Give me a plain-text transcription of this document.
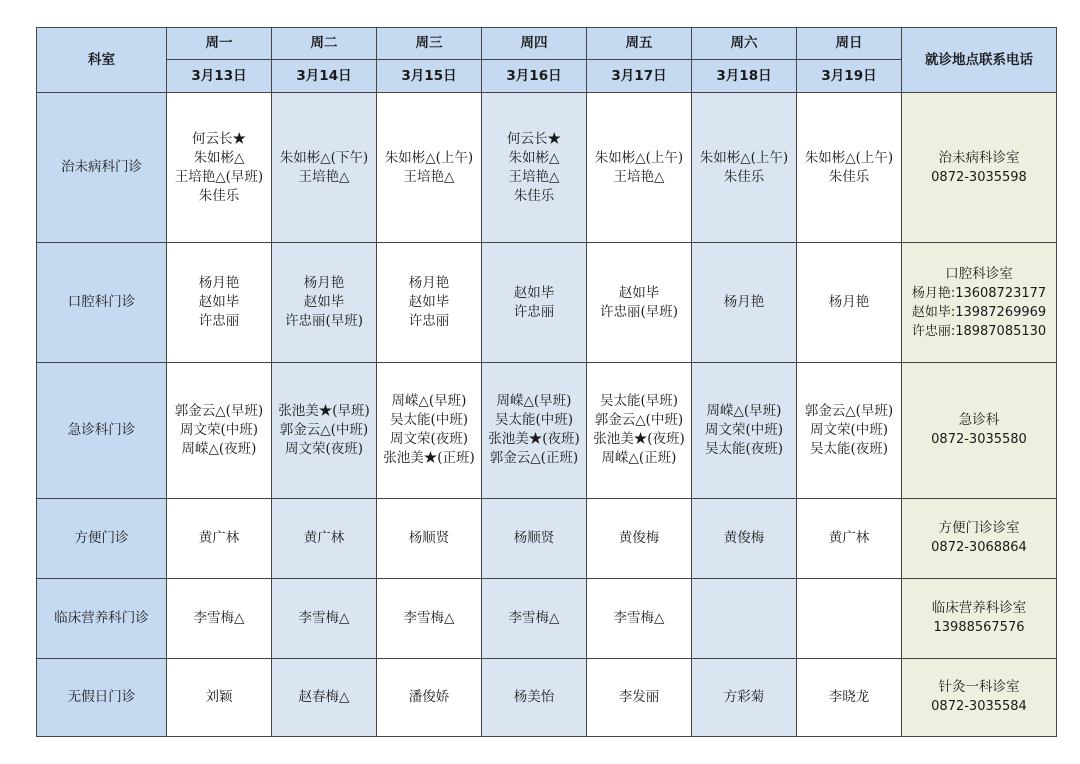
科室	周一	周二	周三	周四	周五	周六	周日	就诊地点联系电话
	3月13日	3月14日	3月15日	3月16日	3月17日	3月18日	3月19日	
治未病科门诊	何云长★
朱如彬△
王培艳△(早班)
朱佳乐	朱如彬△(下午)
王培艳△	朱如彬△(上午)
王培艳△	何云长★
朱如彬△
王培艳△
朱佳乐	朱如彬△(上午)
王培艳△	朱如彬△(上午)
朱佳乐	朱如彬△(上午)
朱佳乐	治未病科诊室
0872-3035598

口腔科门诊	杨月艳
赵如毕
许忠丽	杨月艳
赵如毕
许忠丽(早班)	杨月艳
赵如毕
许忠丽	赵如毕
许忠丽	赵如毕
许忠丽(早班)	杨月艳	杨月艳	口腔科诊室
杨月艳:13608723177
赵如毕:13987269969
许忠丽:18987085130

急诊科门诊	郭金云△(早班)
周文荣(中班)
周嵘△(夜班)	张池美★(早班)
郭金云△(中班)
周文荣(夜班)	周嵘△(早班)
吴太能(中班)
周文荣(夜班)
张池美★(正班)	周嵘△(早班)
吴太能(中班)
张池美★(夜班)
郭金云△(正班)	吴太能(早班)
郭金云△(中班)
张池美★(夜班)
周嵘△(正班)	周嵘△(早班)
周文荣(中班)
吴太能(夜班)	郭金云△(早班)
周文荣(中班)
吴太能(夜班)	急诊科
0872-3035580

方便门诊	黄广林	黄广林	杨顺贤	杨顺贤	黄俊梅	黄俊梅	黄广林	方便门诊诊室
0872-3068864

临床营养科门诊	李雪梅△	李雪梅△	李雪梅△	李雪梅△	李雪梅△			临床营养科诊室
13988567576

无假日门诊	刘颖	赵春梅△	潘俊娇	杨美怡	李发丽	方彩菊	李晓龙	针灸一科诊室
0872-3035584
